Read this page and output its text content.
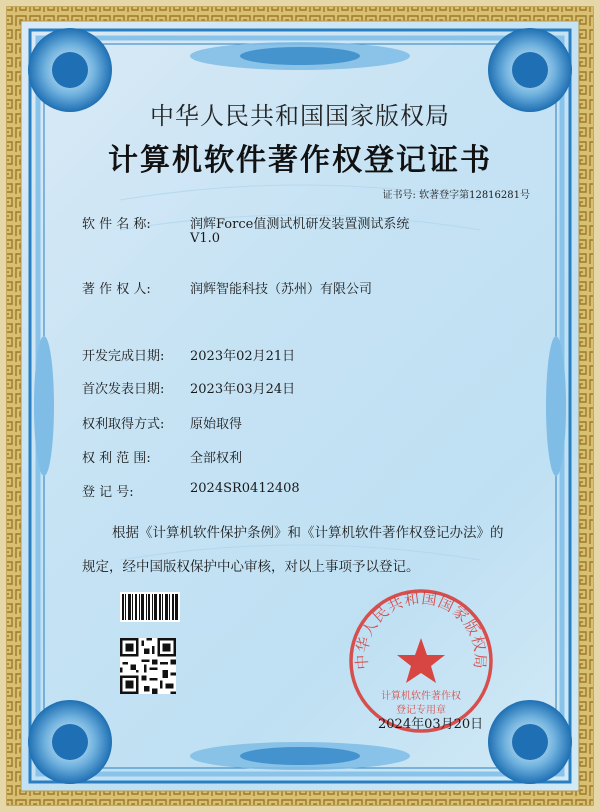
中华人民共和国国家版权局
计算机软件著作权登记证书
证书号: 软著登字第12816281号
软 件 名 称:	润辉Force值测试机研发装置测试系统
V1.0
著 作 权 人:	润辉智能科技（苏州）有限公司
开发完成日期: 2023年02月21日
首次发表日期: 2023年03月24日
权利取得方式: 原始取得
权 利 范 围:	全部权利
登 记 号:	2024SR0412408
根据《计算机软件保护条例》和《计算机软件著作权登记办法》的
规定，经中国版权保护中心审核，对以上事项予以登记。
中华人民共和国国家版权局
计算机软件著作权
登记专用章
2024年03月20日
